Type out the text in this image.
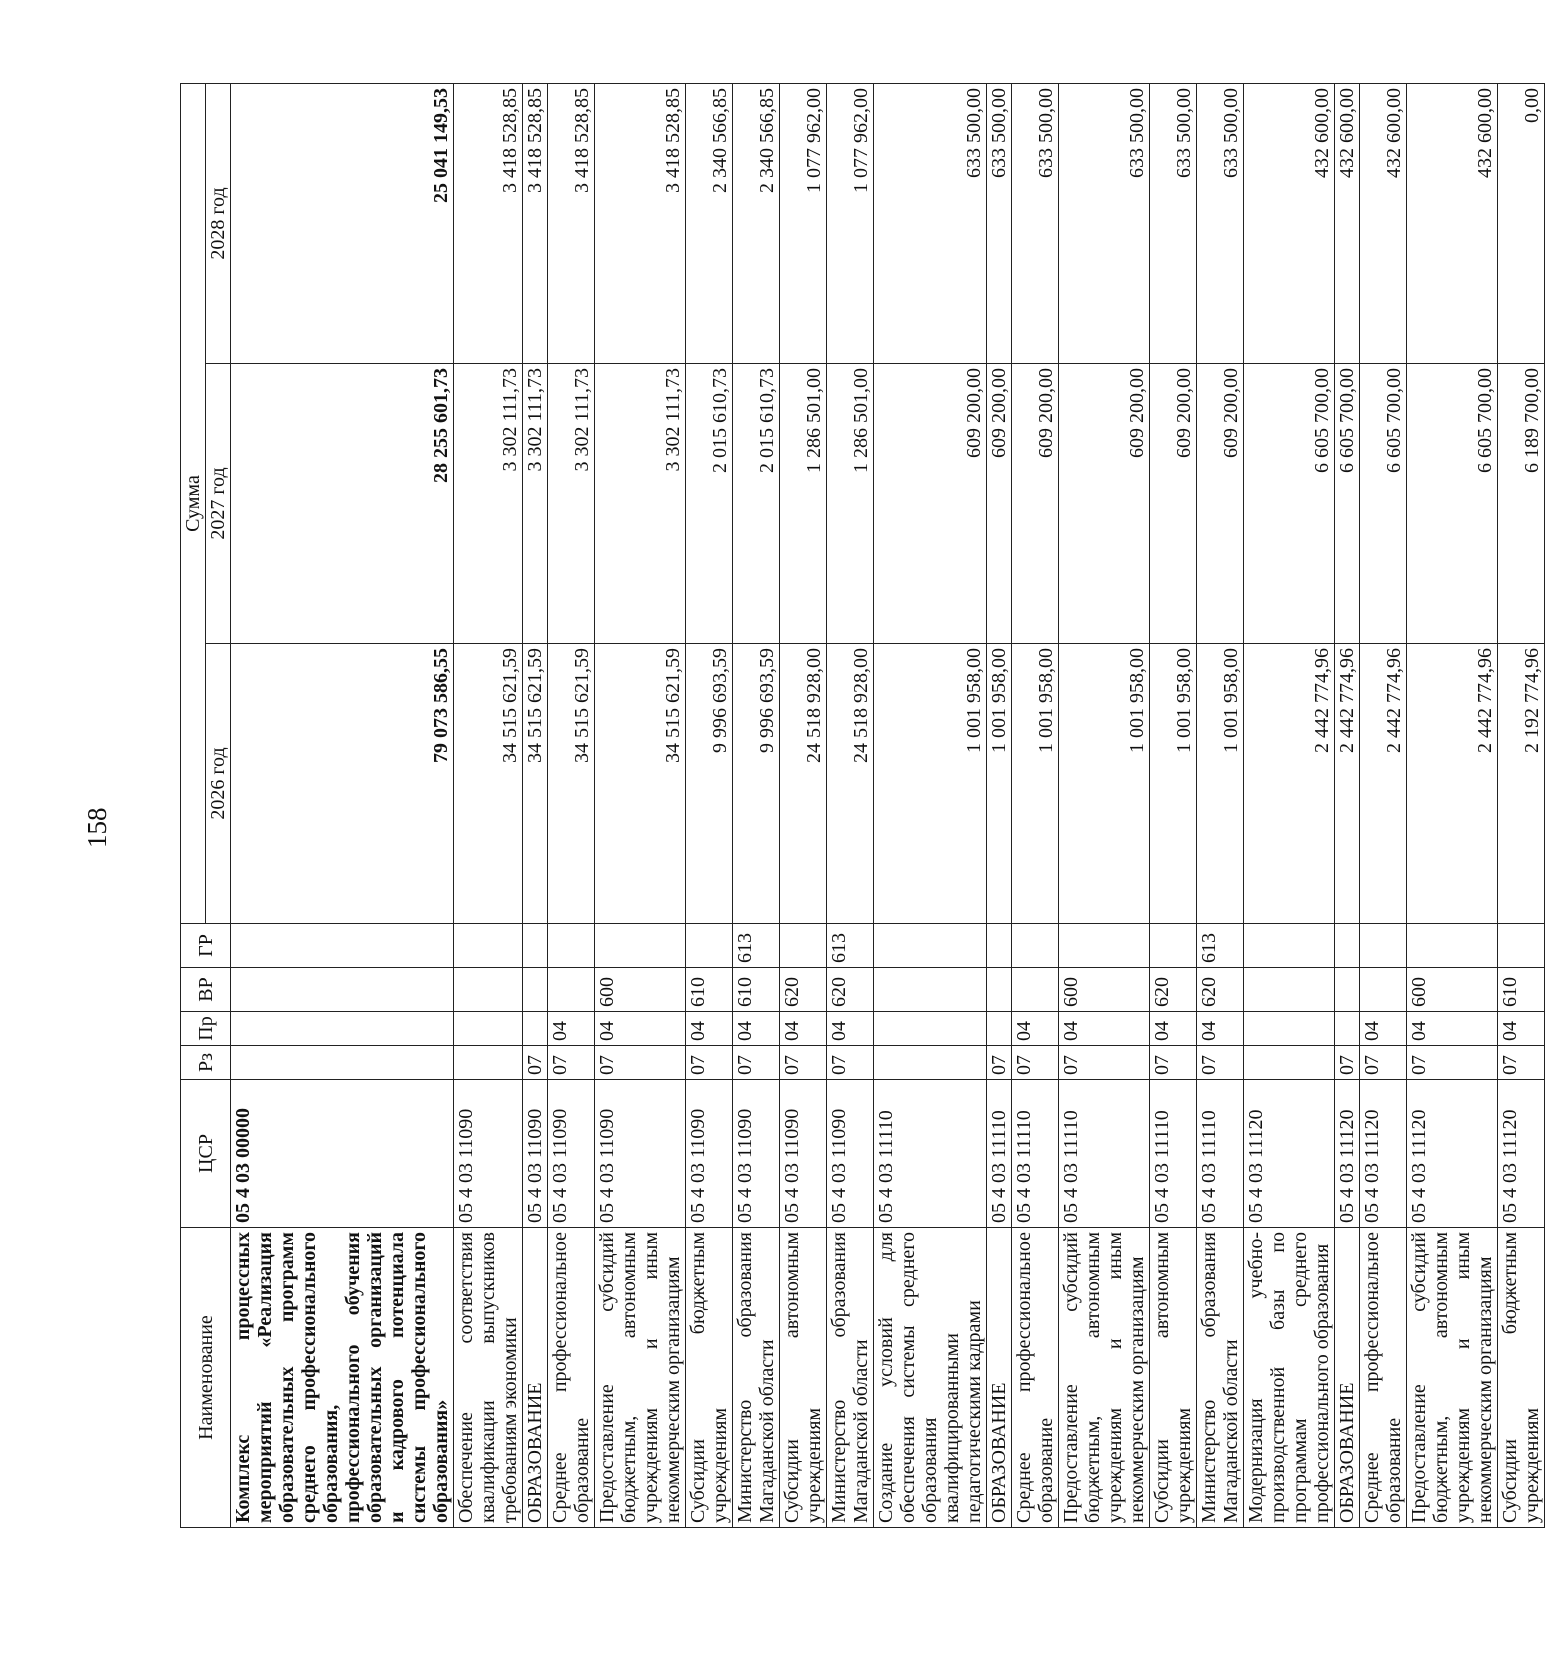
158
Наименование	ЦСР	Рз	Пр	ВР	ГР	Сумма		
						2026 год	2027 год	2028 год
Комплекс процессных мероприятий «Реализация образовательных программ среднего профессионального образования, профессионального обучения образовательных организаций и кадрового потенциала системы профессионального образования»	05 4 03 00000					79 073 586,55	28 255 601,73	25 041 149,53
Обеспечение соответствия квалификации выпускников требованиям экономики	05 4 03 11090					34 515 621,59	3 302 111,73	3 418 528,85
ОБРАЗОВАНИЕ	05 4 03 11090	07				34 515 621,59	3 302 111,73	3 418 528,85
Среднее профессиональное образование	05 4 03 11090	07	04			34 515 621,59	3 302 111,73	3 418 528,85
Предоставление субсидий бюджетным, автономным учреждениям и иным некоммерческим организациям	05 4 03 11090	07	04	600		34 515 621,59	3 302 111,73	3 418 528,85
Субсидии бюджетным учреждениям	05 4 03 11090	07	04	610		9 996 693,59	2 015 610,73	2 340 566,85
Министерство образования Магаданской области	05 4 03 11090	07	04	610	613	9 996 693,59	2 015 610,73	2 340 566,85
Субсидии автономным учреждениям	05 4 03 11090	07	04	620		24 518 928,00	1 286 501,00	1 077 962,00
Министерство образования Магаданской области	05 4 03 11090	07	04	620	613	24 518 928,00	1 286 501,00	1 077 962,00
Создание условий для обеспечения системы среднего образования квалифицированными педагогическими кадрами	05 4 03 11110					1 001 958,00	609 200,00	633 500,00
ОБРАЗОВАНИЕ	05 4 03 11110	07				1 001 958,00	609 200,00	633 500,00
Среднее профессиональное образование	05 4 03 11110	07	04			1 001 958,00	609 200,00	633 500,00
Предоставление субсидий бюджетным, автономным учреждениям и иным некоммерческим организациям	05 4 03 11110	07	04	600		1 001 958,00	609 200,00	633 500,00
Субсидии автономным учреждениям	05 4 03 11110	07	04	620		1 001 958,00	609 200,00	633 500,00
Министерство образования Магаданской области	05 4 03 11110	07	04	620	613	1 001 958,00	609 200,00	633 500,00
Модернизация учебно-производственной базы по программам среднего профессионального образования	05 4 03 11120					2 442 774,96	6 605 700,00	432 600,00
ОБРАЗОВАНИЕ	05 4 03 11120	07				2 442 774,96	6 605 700,00	432 600,00
Среднее профессиональное образование	05 4 03 11120	07	04			2 442 774,96	6 605 700,00	432 600,00
Предоставление субсидий бюджетным, автономным учреждениям и иным некоммерческим организациям	05 4 03 11120	07	04	600		2 442 774,96	6 605 700,00	432 600,00
Субсидии бюджетным учреждениям	05 4 03 11120	07	04	610		2 192 774,96	6 189 700,00	0,00
